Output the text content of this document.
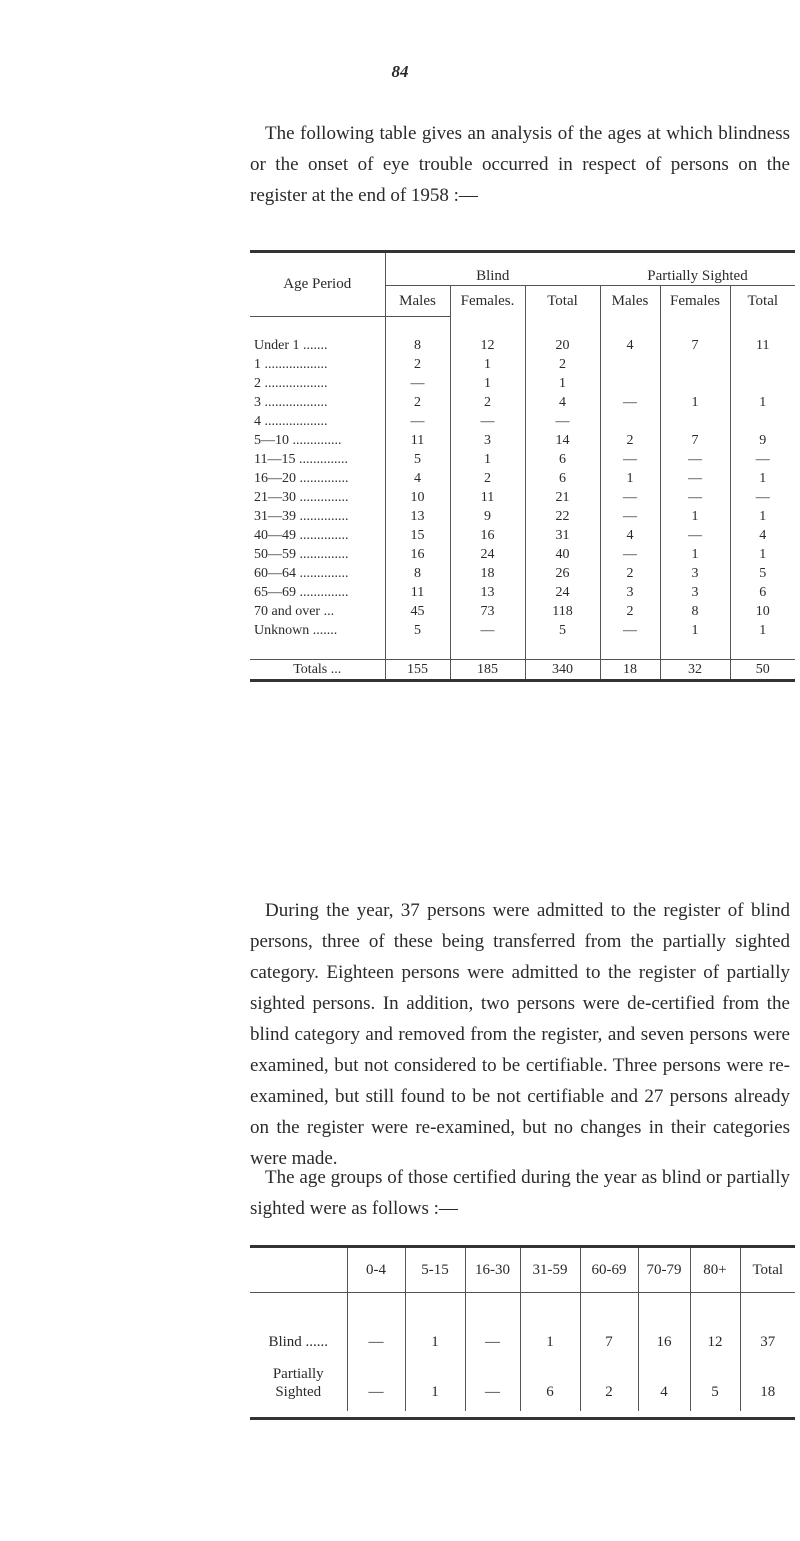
84
The following table gives an analysis of the ages at which blindness or the onset of eye trouble occurred in respect of persons on the register at the end of 1958 :—
Age Period	Blind			Partially Sighted		
	Males	Females.	Total	Males	Females	Total

Under 1 .......	8	12	20	4	7	11
1 ..................	2	1	2			
2 ..................	—	1	1			
3 ..................	2	2	4	—	1	1
4 ..................	—	—	—			
5—10 ..............	11	3	14	2	7	9
11—15 ..............	5	1	6	—	—	—
16—20 ..............	4	2	6	1	—	1
21—30 ..............	10	11	21	—	—	—
31—39 ..............	13	9	22	—	1	1
40—49 ..............	15	16	31	4	—	4
50—59 ..............	16	24	40	—	1	1
60—64 ..............	8	18	26	2	3	5
65—69 ..............	11	13	24	3	3	6
70 and over ...	45	73	118	2	8	10
Unknown .......	5	—	5	—	1	1

Totals ...	155	185	340	18	32	50
During the year, 37 persons were admitted to the register of blind persons, three of these being transferred from the partially sighted category. Eighteen persons were admitted to the register of partially sighted persons. In addition, two persons were de-certified from the blind category and removed from the register, and seven persons were examined, but not considered to be certifiable. Three persons were re-examined, but still found to be not certifiable and 27 persons already on the register were re-examined, but no changes in their categories were made.
The age groups of those certified during the year as blind or partially sighted were as follows :—
	0-4	5-15	16-30	31-59	60-69	70-79	80+	Total
Blind ......	—	1	—	1	7	16	12	37
Partially Sighted	—	1	—	6	2	4	5	18
